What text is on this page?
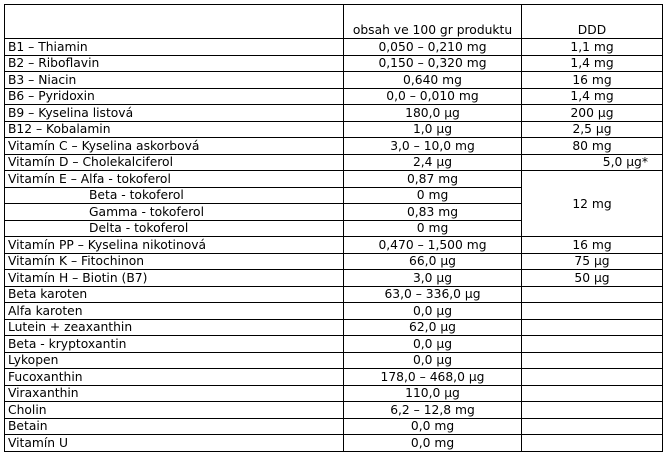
	obsah ve 100 gr produktu	DDD
B1 – Thiamin	0,050 – 0,210 mg	1,1 mg
B2 – Riboflavin	0,150 – 0,320 mg	1,4 mg
B3 – Niacin	0,640 mg	16 mg
B6 – Pyridoxin	0,0 – 0,010 mg	1,4 mg
B9 – Kyselina listová	180,0 µg	200 µg
B12 – Kobalamin	1,0 µg	2,5 µg
Vitamín C – Kyselina askorbová	3,0 – 10,0 mg	80 mg
Vitamín D – Cholekalciferol	2,4 µg	5,0 µg*
Vitamín E – Alfa - tokoferol	0,87 mg	12 mg
Beta - tokoferol	0 mg	
Gamma - tokoferol	0,83 mg	
Delta - tokoferol	0 mg	
Vitamín PP – Kyselina nikotinová	0,470 – 1,500 mg	16 mg
Vitamín K – Fitochinon	66,0 µg	75 µg
Vitamín H – Biotin (B7)	3,0 µg	50 µg
Beta karoten	63,0 – 336,0 µg	
Alfa karoten	0,0 µg	
Lutein + zeaxanthin	62,0 µg	
Beta - kryptoxantin	0,0 µg	
Lykopen	0,0 µg	
Fucoxanthin	178,0 – 468,0 µg	
Viraxanthin	110,0 µg	
Cholin	6,2 – 12,8 mg	
Betain	0,0 mg	
Vitamín U	0,0 mg	
